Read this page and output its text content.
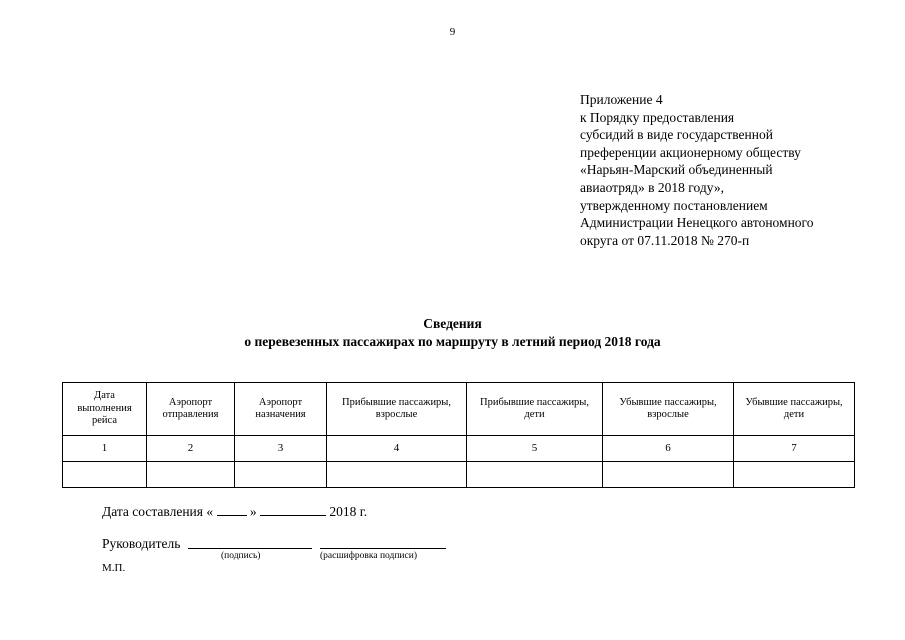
9
Приложение 4
к Порядку предоставления
субсидий в виде государственной
преференции акционерному обществу
«Нарьян-Марский объединенный
авиаотряд» в 2018 году»,
утвержденному постановлением
Администрации Ненецкого автономного
округа от 07.11.2018 № 270-п
Сведения
о перевезенных пассажирах по маршруту в летний период 2018 года
Дата выполнения рейса	Аэропорт отправления	Аэропорт назначения	Прибывшие пассажиры, взрослые	Прибывшие пассажиры, дети	Убывшие пассажиры, взрослые	Убывшие пассажиры, дети
1	2	3	4	5	6	7

Дата составления «	»	2018 г.
Руководитель
(подпись)	(расшифровка подписи)
М.П.
